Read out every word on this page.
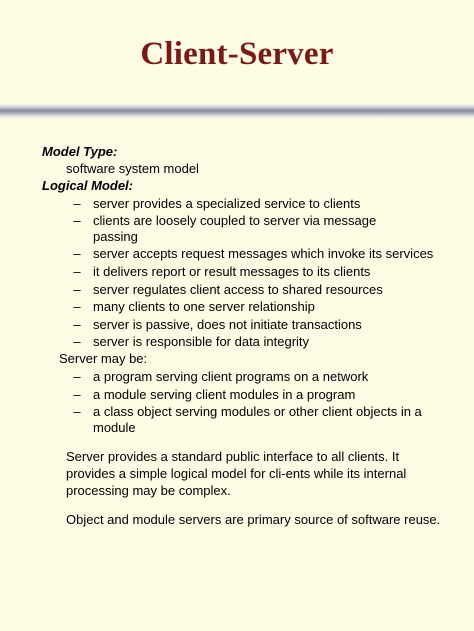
Client-Server
Model Type:
software system model
Logical Model:
– server provides a specialized service to clients
– clients are loosely coupled to server via message
passing
– server accepts request messages which invoke its services
– it delivers report or result messages to its clients
– server regulates client access to shared resources
– many clients to one server relationship
– server is passive, does not initiate transactions
– server is responsible for data integrity
Server may be:
– a program serving client programs on a network
– a module serving client modules in a program
– a class object serving modules or other client objects in a
module
Server provides a standard public interface to all clients. It
provides a simple logical model for cli-ents while its internal
processing may be complex.
Object and module servers are primary source of software reuse.
